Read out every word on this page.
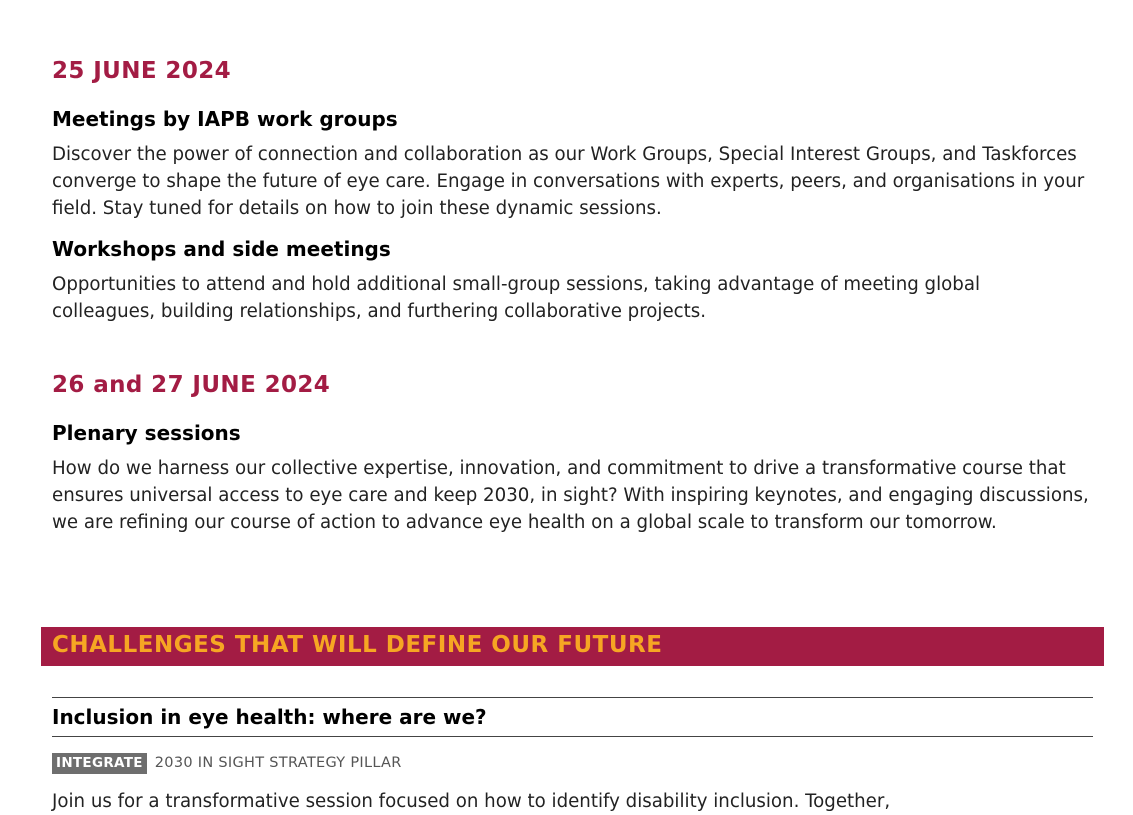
25 JUNE 2024
Meetings by IAPB work groups

Discover the power of connection and collaboration as our Work Groups, Special Interest Groups, and Taskforces converge to shape the future of eye care. Engage in conversations with experts, peers, and organisations in your field. Stay tuned for details on how to join these dynamic sessions.

Workshops and side meetings

Opportunities to attend and hold additional small-group sessions, taking advantage of meeting global colleagues, building relationships, and furthering collaborative projects.

26 and 27 JUNE 2024
Plenary sessions

How do we harness our collective expertise, innovation, and commitment to drive a transformative course that ensures universal access to eye care and keep 2030, in sight? With inspiring keynotes, and engaging discussions, we are refining our course of action to advance eye health on a global scale to transform our tomorrow.

CHALLENGES THAT WILL DEFINE OUR FUTURE
Inclusion in eye health: where are we?
INTEGRATE 2030 IN SIGHT STRATEGY PILLAR

Join us for a transformative session focused on how to identify disability inclusion. Together,
